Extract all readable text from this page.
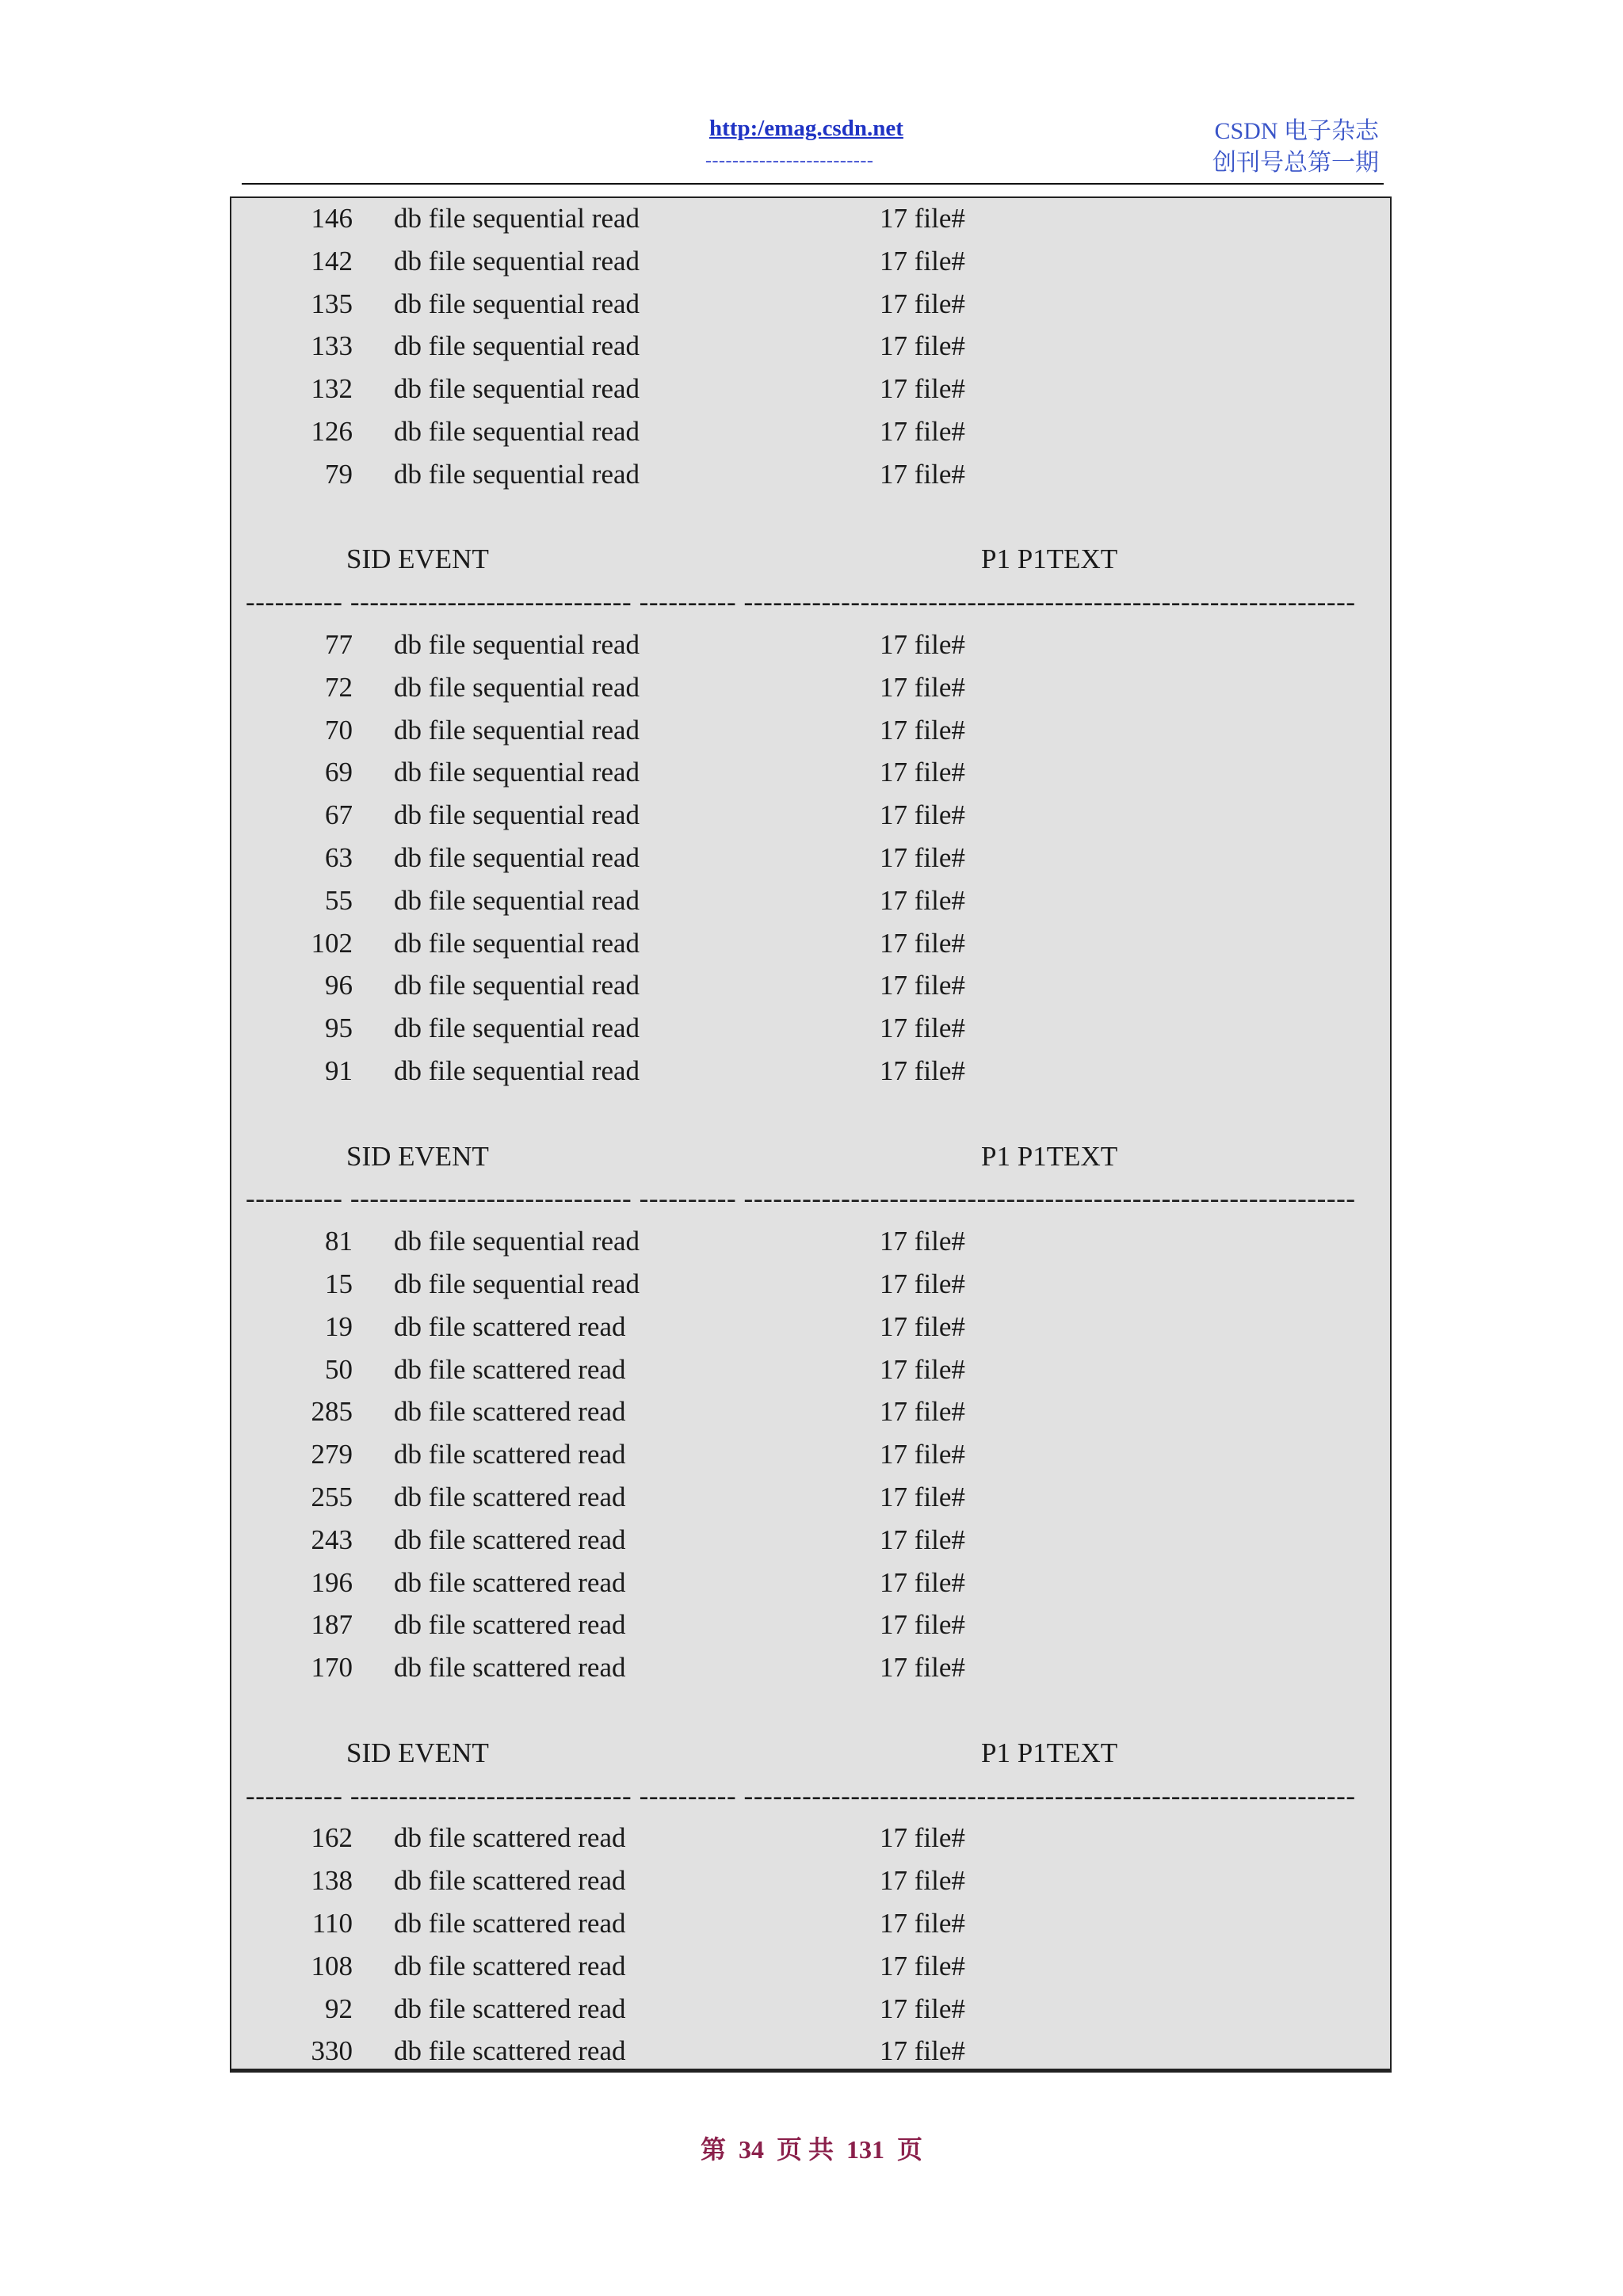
http:/emag.csdn.net
-------------------------
CSDN 电子杂志
创刊号总第一期
146 db file sequential read	17 file#
142 db file sequential read	17 file#
135 db file sequential read	17 file#
133 db file sequential read	17 file#
132 db file sequential read	17 file#
126 db file sequential read	17 file#
79 db file sequential read	17 file#
SID EVENT	P1 P1TEXT
---------- ----------------------------- ---------- ---------------------------------------------------------------
77 db file sequential read	17 file#
72 db file sequential read	17 file#
70 db file sequential read	17 file#
69 db file sequential read	17 file#
67 db file sequential read	17 file#
63 db file sequential read	17 file#
55 db file sequential read	17 file#
102 db file sequential read	17 file#
96 db file sequential read	17 file#
95 db file sequential read	17 file#
91 db file sequential read	17 file#
SID EVENT	P1 P1TEXT
---------- ----------------------------- ---------- ---------------------------------------------------------------
81 db file sequential read	17 file#
15 db file sequential read	17 file#
19 db file scattered read	17 file#
50 db file scattered read	17 file#
285 db file scattered read	17 file#
279 db file scattered read	17 file#
255 db file scattered read	17 file#
243 db file scattered read	17 file#
196 db file scattered read	17 file#
187 db file scattered read	17 file#
170 db file scattered read	17 file#
SID EVENT	P1 P1TEXT
---------- ----------------------------- ---------- ---------------------------------------------------------------
162 db file scattered read	17 file#
138 db file scattered read	17 file#
110 db file scattered read	17 file#
108 db file scattered read	17 file#
92 db file scattered read	17 file#
330 db file scattered read	17 file#
第 34 页 共 131 页
